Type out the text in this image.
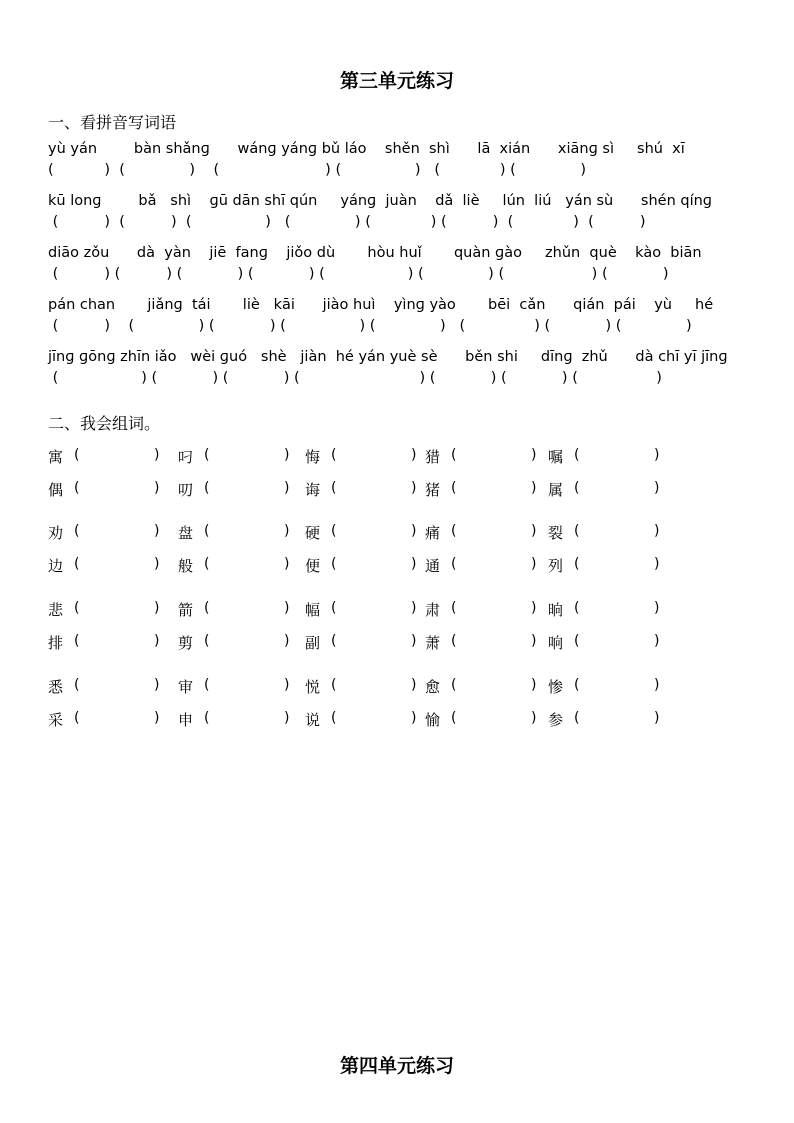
第三单元练习
一、看拼音写词语
yù yán        bàn shǎnɡ      wánɡ yánɡ bǔ láo    shěn  shì      lā  xián      xiānɡ sì     shú  xī
(           )  (              )    (                       ) (                )   (             ) (              )
kū lonɡ        bǎ   shì    ɡū dān shī qún     yánɡ  juàn    dǎ  liè     lún  liú   yán sù      shén qínɡ
(          )  (          )  (                )   (              ) (             ) (          )  (             )  (          )
diāo zǒu      dà  yàn    jiē  fanɡ    jiǒo dù       hòu huǐ       quàn ɡào     zhǔn  què    kào  biān
(          ) (          ) (            ) (            ) (                  ) (              ) (                   ) (            )
pán chan       jiǎnɡ  tái       liè   kāi      jiào huì    yìnɡ yào       bēi  cǎn      qián  pái    yù     hé
(          )    (              ) (            ) (                ) (              )   (               ) (            ) (              )
jīnɡ ɡōnɡ zhīn iǎo   wèi ɡuó   shè   jiàn  hé yán yuè sè      běn shi     dīnɡ  zhǔ      dà chī yī jīnɡ
(                  ) (            ) (            ) (                          ) (            ) (            ) (                 )
二、我会组词。
寓 (	) 叼 (	) 悔 (	) 猎 (	) 嘱 (	)
偶 (	) 叨 (	) 诲 (	) 猪 (	) 属 (	)
劝 (	) 盘 (	) 硬 (	) 痛 (	) 裂 (	)
边 (	) 般 (	) 便 (	) 通 (	) 列 (	)
悲 (	) 箭 (	) 幅 (	) 肃 (	) 晌 (	)
排 (	) 剪 (	) 副 (	) 萧 (	) 响 (	)
悉 (	) 审 (	) 悦 (	) 愈 (	) 惨 (	)
采 (	) 申 (	) 说 (	) 愉 (	) 参 (	)
第四单元练习
